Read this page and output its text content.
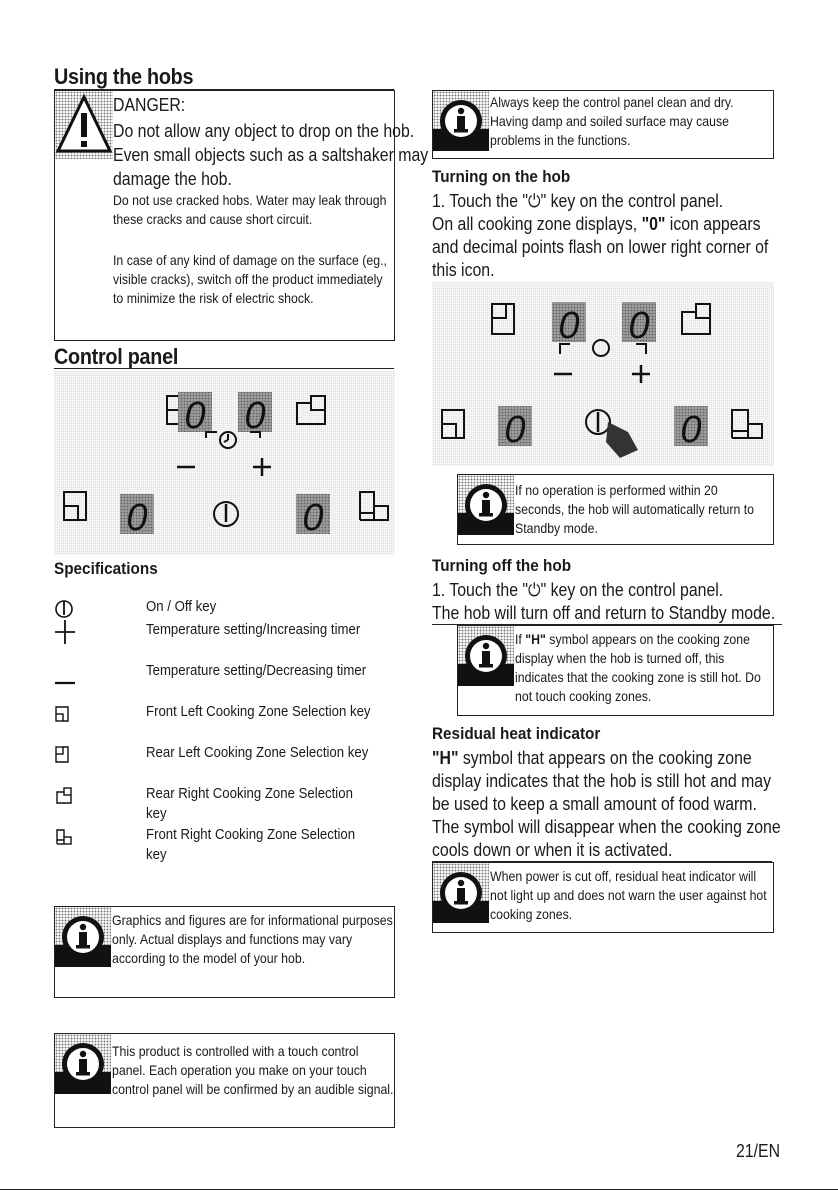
Using the hobs
DANGER:
Do not allow any object to drop on the hob. Even small objects such as a saltshaker may damage the hob.
Do not use cracked hobs. Water may leak through these cracks and cause short circuit.
In case of any kind of damage on the surface (eg., visible cracks), switch off the product immediately to minimize the risk of electric shock.
Control panel
0 0
0	0
Specifications
On / Off key
Temperature setting/Increasing timer
Temperature setting/Decreasing timer
Front Left Cooking Zone Selection key
Rear Left Cooking Zone Selection key
Rear Right Cooking Zone Selection key
Front Right Cooking Zone Selection key
Graphics and figures are for informational purposes only. Actual displays and functions may vary according to the model of your hob.
This product is controlled with a touch control panel. Each operation you make on your touch control panel will be confirmed by an audible signal.
Always keep the control panel clean and dry. Having damp and soiled surface may cause problems in the functions.
Turning on the hob
1. Touch the "⏻" key on the control panel.
On all cooking zone displays, "0" icon appears and decimal points flash on lower right corner of this icon.
0 0
0	0
If no operation is performed within 20 seconds, the hob will automatically return to Standby mode.
Turning off the hob
1. Touch the "⏻" key on the control panel.
The hob will turn off and return to Standby mode.
If "H" symbol appears on the cooking zone display when the hob is turned off, this indicates that the cooking zone is still hot. Do not touch cooking zones.
Residual heat indicator
"H" symbol that appears on the cooking zone display indicates that the hob is still hot and may be used to keep a small amount of food warm. The symbol will disappear when the cooking zone cools down or when it is activated.
When power is cut off, residual heat indicator will not light up and does not warn the user against hot cooking zones.
21/EN
